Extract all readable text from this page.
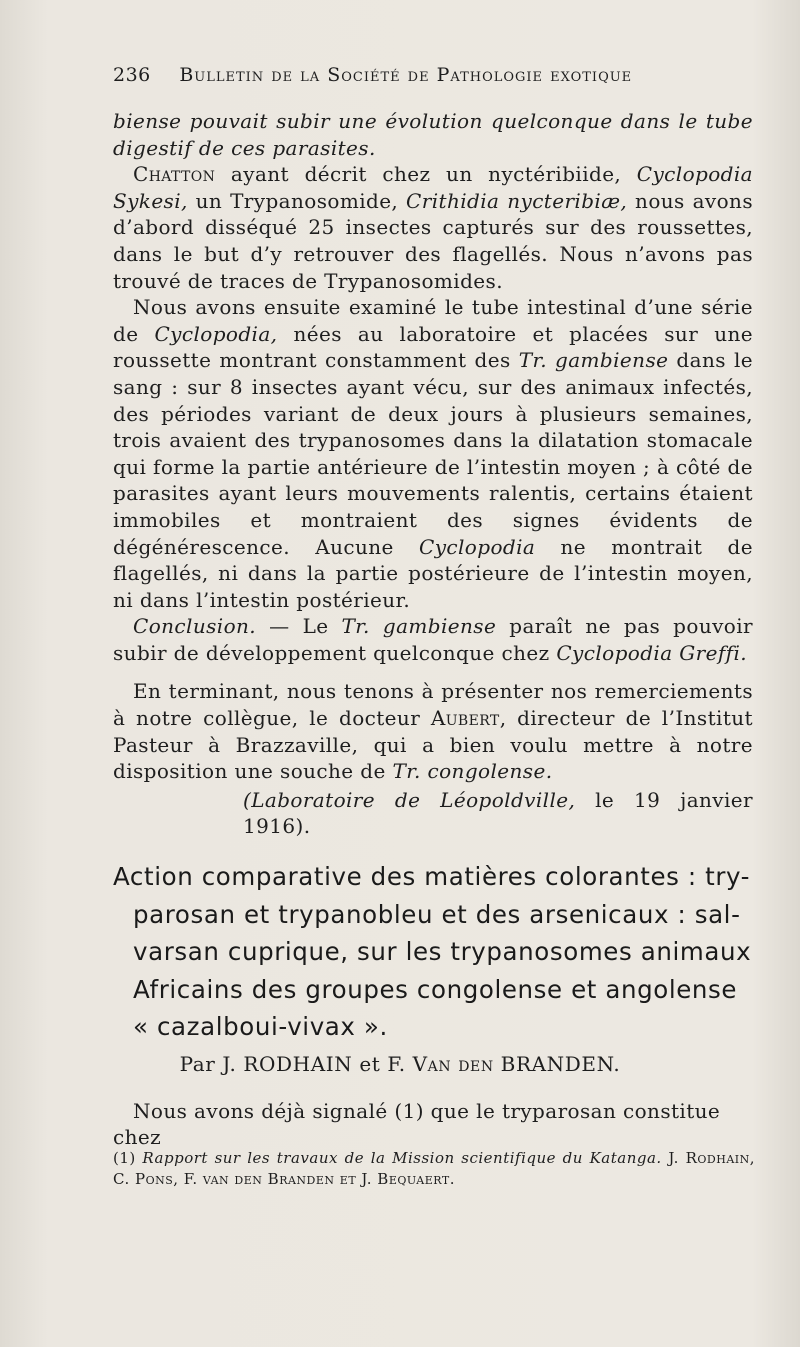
236 Bulletin de la Société de Pathologie exotique

biense pouvait subir une évolution quelconque dans le tube digestif de ces parasites.

Chatton ayant décrit chez un nyctéribiide, Cyclopodia Sykesi, un Trypanosomide, Crithidia nycteribiæ, nous avons d’abord disséqué 25 insectes capturés sur des roussettes, dans le but d’y retrouver des flagellés. Nous n’avons pas trouvé de traces de Trypanosomides.

Nous avons ensuite examiné le tube intestinal d’une série de Cyclopodia, nées au laboratoire et placées sur une roussette montrant constamment des Tr. gambiense dans le sang : sur 8 insectes ayant vécu, sur des animaux infectés, des périodes variant de deux jours à plusieurs semaines, trois avaient des trypanosomes dans la dilatation stomacale qui forme la partie antérieure de l’intestin moyen ; à côté de parasites ayant leurs mouvements ralentis, certains étaient immobiles et montraient des signes évidents de dégénérescence. Aucune Cyclopodia ne montrait de flagellés, ni dans la partie postérieure de l’intestin moyen, ni dans l’intestin postérieur.

Conclusion. — Le Tr. gambiense paraît ne pas pouvoir subir de développement quelconque chez Cyclopodia Greffi.

En terminant, nous tenons à présenter nos remerciements à notre collègue, le docteur Aubert, directeur de l’Institut Pasteur à Brazzaville, qui a bien voulu mettre à notre disposition une souche de Tr. congolense.

(Laboratoire de Léopoldville, le 19 janvier 1916).

Action comparative des matières colorantes : try-
parosan et trypanobleu et des arsenicaux : sal-
varsan cuprique, sur les trypanosomes animaux
Africains des groupes congolense et angolense
« cazalboui-vivax ».
Par J. RODHAIN et F. Van den BRANDEN.
Nous avons déjà signalé (1) que le tryparosan constitue chez
(1) Rapport sur les travaux de la Mission scientifique du Katanga. J. Rodhain, C. Pons, F. van den Branden et J. Bequaert.
